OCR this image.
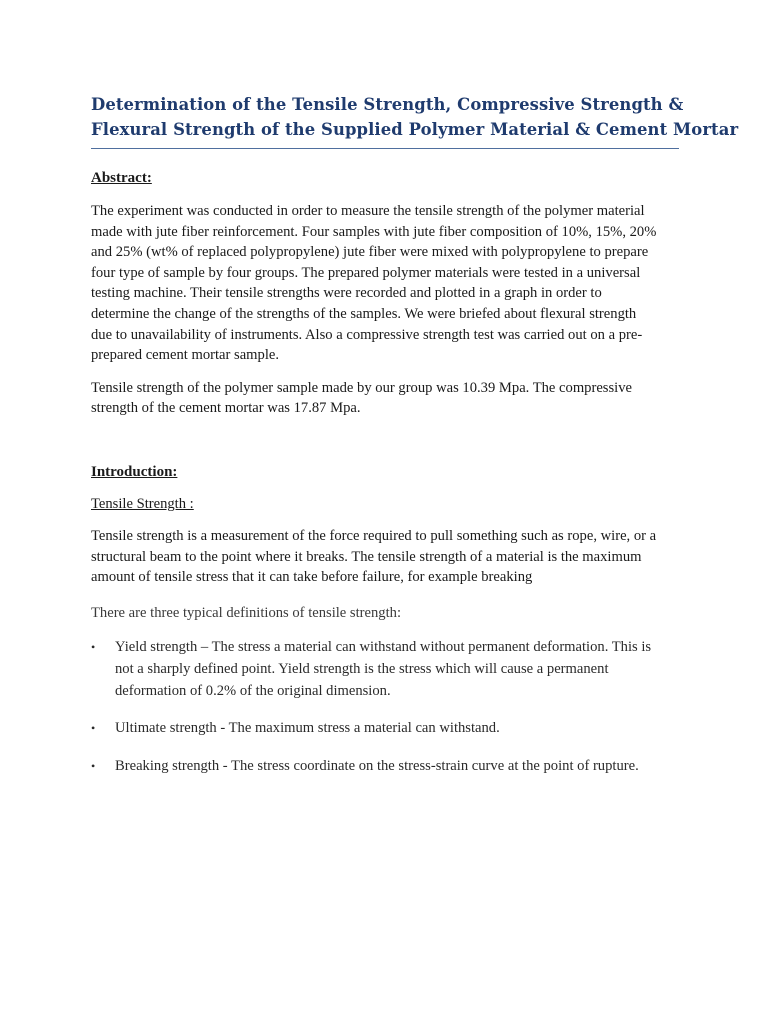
Determination of the Tensile Strength, Compressive Strength &
Flexural Strength of the Supplied Polymer Material & Cement Mortar
Abstract:

The experiment was conducted in order to measure the tensile strength of the polymer material
made with jute fiber reinforcement. Four samples with jute fiber composition of 10%, 15%, 20%
and 25% (wt% of replaced polypropylene) jute fiber were mixed with polypropylene to prepare
four type of sample by four groups. The prepared polymer materials were tested in a universal
testing machine. Their tensile strengths were recorded and plotted in a graph in order to
determine the change of the strengths of the samples. We were briefed about flexural strength
due to unavailability of instruments. Also a compressive strength test was carried out on a pre-
prepared cement mortar sample.

Tensile strength of the polymer sample made by our group was 10.39 Mpa. The compressive
strength of the cement mortar was 17.87 Mpa.

Introduction:
Tensile Strength :

Tensile strength is a measurement of the force required to pull something such as rope, wire, or a
structural beam to the point where it breaks. The tensile strength of a material is the maximum
amount of tensile stress that it can take before failure, for example breaking

There are three typical definitions of tensile strength:

• Yield strength – The stress a material can withstand without permanent deformation. This is
not a sharply defined point. Yield strength is the stress which will cause a permanent
deformation of 0.2% of the original dimension.
• Ultimate strength - The maximum stress a material can withstand.
• Breaking strength - The stress coordinate on the stress-strain curve at the point of rupture.
